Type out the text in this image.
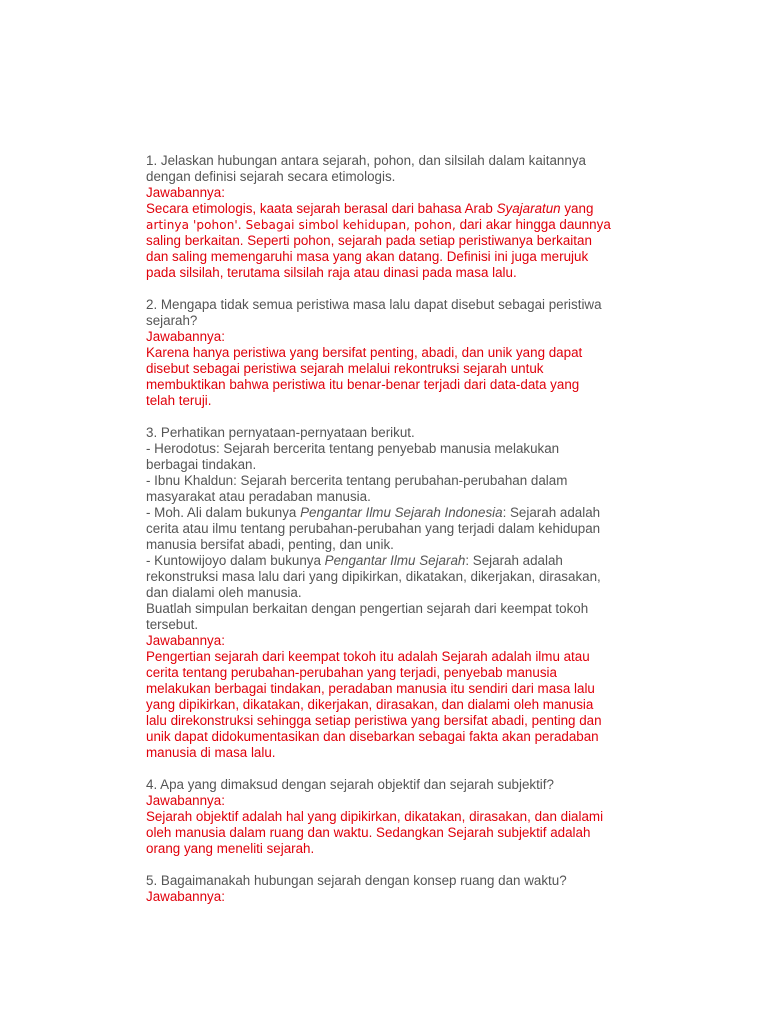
1. Jelaskan hubungan antara sejarah, pohon, dan silsilah dalam kaitannya
dengan definisi sejarah secara etimologis.
Jawabannya:
Secara etimologis, kaata sejarah berasal dari bahasa Arab Syajaratun yang
artinya 'pohon'. Sebagai simbol kehidupan, pohon, dari akar hingga daunnya
saling berkaitan. Seperti pohon, sejarah pada setiap peristiwanya berkaitan
dan saling memengaruhi masa yang akan datang. Definisi ini juga merujuk
pada silsilah, terutama silsilah raja atau dinasi pada masa lalu.
2. Mengapa tidak semua peristiwa masa lalu dapat disebut sebagai peristiwa
sejarah?
Jawabannya:
Karena hanya peristiwa yang bersifat penting, abadi, dan unik yang dapat
disebut sebagai peristiwa sejarah melalui rekontruksi sejarah untuk
membuktikan bahwa peristiwa itu benar-benar terjadi dari data-data yang
telah teruji.
3. Perhatikan pernyataan-pernyataan berikut.
- Herodotus: Sejarah bercerita tentang penyebab manusia melakukan
berbagai tindakan.
- Ibnu Khaldun: Sejarah bercerita tentang perubahan-perubahan dalam
masyarakat atau peradaban manusia.
- Moh. Ali dalam bukunya Pengantar Ilmu Sejarah Indonesia: Sejarah adalah
cerita atau ilmu tentang perubahan-perubahan yang terjadi dalam kehidupan
manusia bersifat abadi, penting, dan unik.
- Kuntowijoyo dalam bukunya Pengantar Ilmu Sejarah: Sejarah adalah
rekonstruksi masa lalu dari yang dipikirkan, dikatakan, dikerjakan, dirasakan,
dan dialami oleh manusia.
Buatlah simpulan berkaitan dengan pengertian sejarah dari keempat tokoh
tersebut.
Jawabannya:
Pengertian sejarah dari keempat tokoh itu adalah Sejarah adalah ilmu atau
cerita tentang perubahan-perubahan yang terjadi, penyebab manusia
melakukan berbagai tindakan, peradaban manusia itu sendiri dari masa lalu
yang dipikirkan, dikatakan, dikerjakan, dirasakan, dan dialami oleh manusia
lalu direkonstruksi sehingga setiap peristiwa yang bersifat abadi, penting dan
unik dapat didokumentasikan dan disebarkan sebagai fakta akan peradaban
manusia di masa lalu.
4. Apa yang dimaksud dengan sejarah objektif dan sejarah subjektif?
Jawabannya:
Sejarah objektif adalah hal yang dipikirkan, dikatakan, dirasakan, dan dialami
oleh manusia dalam ruang dan waktu. Sedangkan Sejarah subjektif adalah
orang yang meneliti sejarah.
5. Bagaimanakah hubungan sejarah dengan konsep ruang dan waktu?
Jawabannya:
